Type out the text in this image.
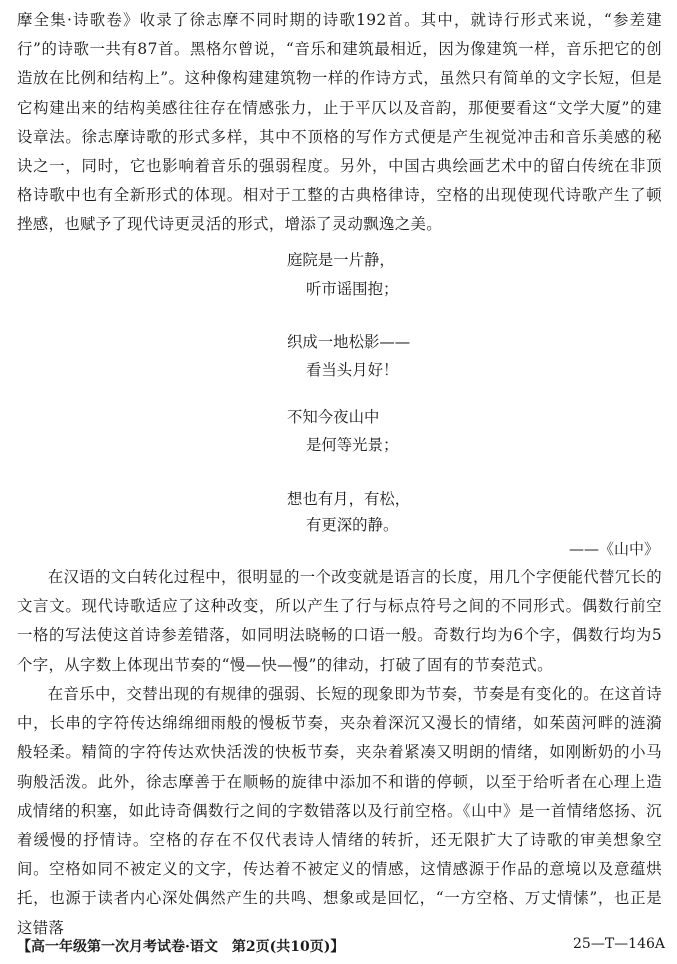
摩全集·诗歌卷》收录了徐志摩不同时期的诗歌192首。其中，就诗行形式来说，“参差建行”的诗歌一共有87首。黑格尔曾说，“音乐和建筑最相近，因为像建筑一样，音乐把它的创造放在比例和结构上”。这种像构建建筑物一样的作诗方式，虽然只有简单的文字长短，但是它构建出来的结构美感往往存在情感张力，止于平仄以及音韵，那便要看这“文学大厦”的建设章法。徐志摩诗歌的形式多样，其中不顶格的写作方式便是产生视觉冲击和音乐美感的秘诀之一，同时，它也影响着音乐的强弱程度。另外，中国古典绘画艺术中的留白传统在非顶格诗歌中也有全新形式的体现。相对于工整的古典格律诗，空格的出现使现代诗歌产生了顿挫感，也赋予了现代诗更灵活的形式，增添了灵动飘逸之美。

庭院是一片静，

听市谣围抱；

织成一地松影——

看当头月好！

不知今夜山中

是何等光景；

想也有月，有松，

有更深的静。

——《山中》

在汉语的文白转化过程中，很明显的一个改变就是语言的长度，用几个字便能代替冗长的文言文。现代诗歌适应了这种改变，所以产生了行与标点符号之间的不同形式。偶数行前空一格的写法使这首诗参差错落，如同明法晓畅的口语一般。奇数行均为6个字，偶数行均为5个字，从字数上体现出节奏的“慢—快—慢”的律动，打破了固有的节奏范式。

在音乐中，交替出现的有规律的强弱、长短的现象即为节奏，节奏是有变化的。在这首诗中，长串的字符传达绵绵细雨般的慢板节奏，夹杂着深沉又漫长的情绪，如茱茵河畔的涟漪般轻柔。精简的字符传达欢快活泼的快板节奏，夹杂着紧凑又明朗的情绪，如刚断奶的小马驹般活泼。此外，徐志摩善于在顺畅的旋律中添加不和谐的停顿，以至于给听者在心理上造成情绪的积塞，如此诗奇偶数行之间的字数错落以及行前空格。《山中》是一首情绪悠扬、沉着缓慢的抒情诗。空格的存在不仅代表诗人情绪的转折，还无限扩大了诗歌的审美想象空间。空格如同不被定义的文字，传达着不被定义的情感，这情感源于作品的意境以及意蕴烘托，也源于读者内心深处偶然产生的共鸣、想象或是回忆，“一方空格、万丈情愫”，也正是这错落

【高一年级第一次月考试卷·语文　第2页(共10页)】	25—T—146A
